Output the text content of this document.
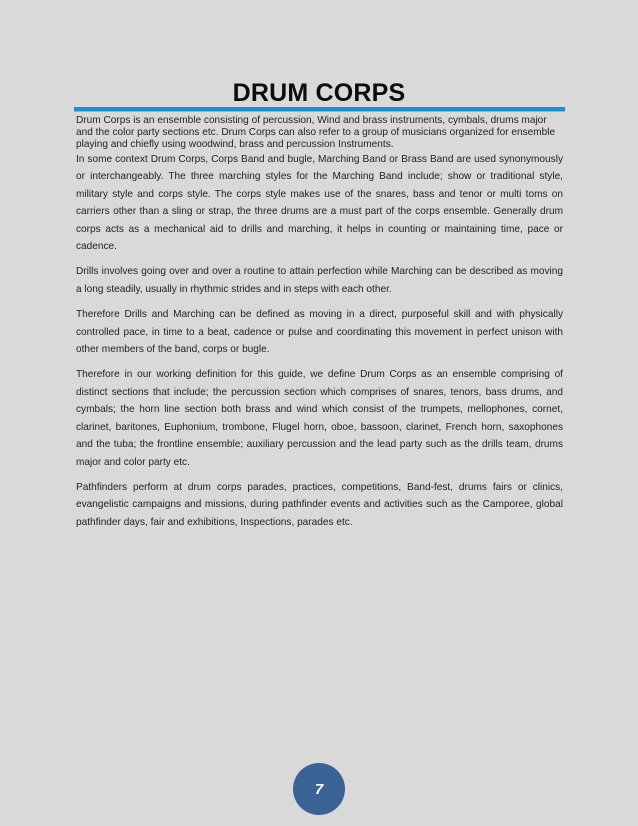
DRUM CORPS

Drum Corps is an ensemble consisting of percussion, Wind and brass instruments, cymbals, drums major and the color party sections etc. Drum Corps can also refer to a group of musicians organized for ensemble playing and chiefly using woodwind, brass and percussion Instruments.

In some context Drum Corps, Corps Band and bugle, Marching Band or Brass Band are used synonymously or interchangeably. The three marching styles for the Marching Band include; show or traditional style, military style and corps style. The corps style makes use of the snares, bass and tenor or multi toms on carriers other than a sling or strap, the three drums are a must part of the corps ensemble. Generally drum corps acts as a mechanical aid to drills and marching, it helps in counting or maintaining time, pace or cadence.

Drills involves going over and over a routine to attain perfection while Marching can be described as moving a long steadily, usually in rhythmic strides and in steps with each other.

Therefore Drills and Marching can be defined as moving in a direct, purposeful skill and with physically controlled pace, in time to a beat, cadence or pulse and coordinating this movement in perfect unison with other members of the band, corps or bugle.

Therefore in our working definition for this guide, we define Drum Corps as an ensemble comprising of distinct sections that include; the percussion section which comprises of snares, tenors, bass drums, and cymbals; the horn line section both brass and wind which consist of the trumpets, mellophones, cornet, clarinet, baritones, Euphonium, trombone, Flugel horn, oboe, bassoon, clarinet, French horn, saxophones and the tuba; the frontline ensemble; auxiliary percussion and the lead party such as the drills team, drums major and color party etc.

Pathfinders perform at drum corps parades, practices, competitions, Band-fest, drums fairs or clinics, evangelistic campaigns and missions, during pathfinder events and activities such as the Camporee, global pathfinder days, fair and exhibitions, Inspections, parades etc.

7
